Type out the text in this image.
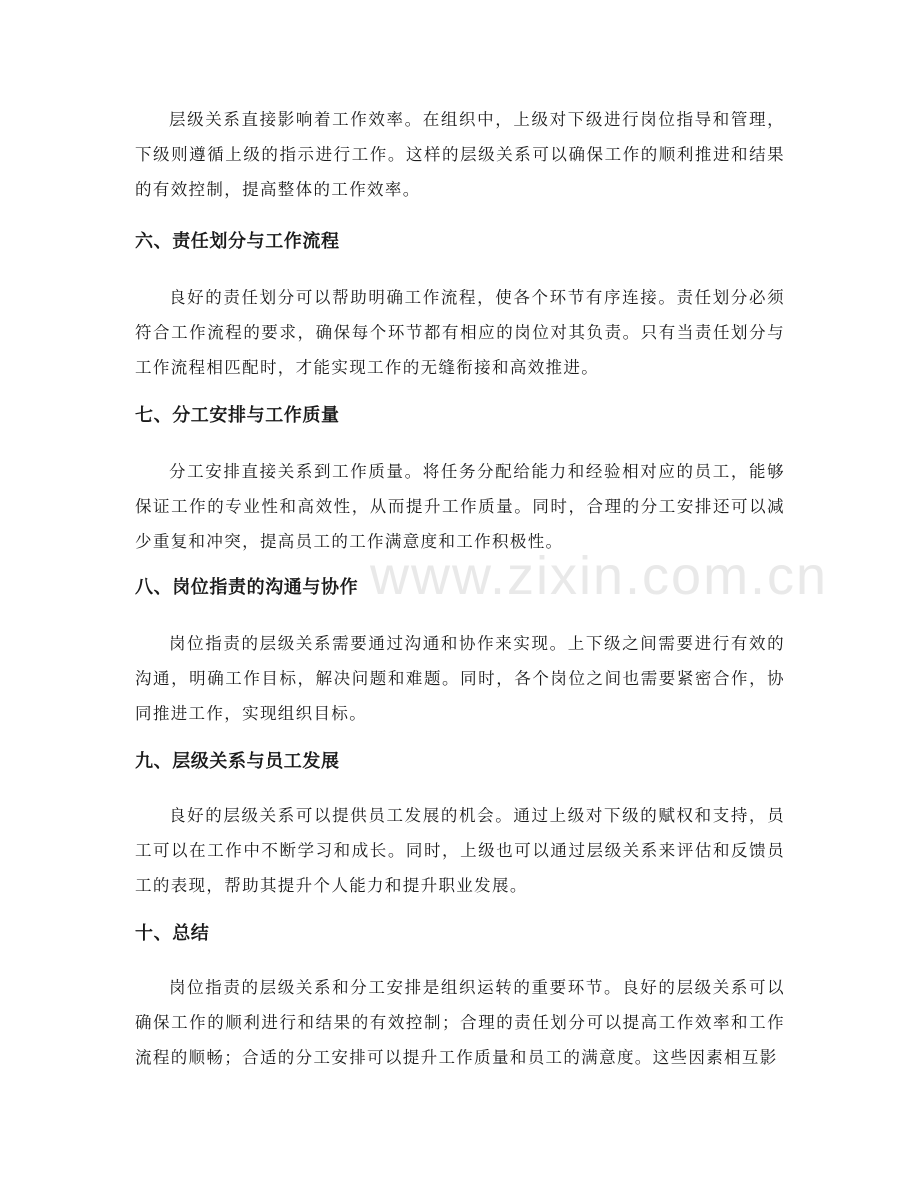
www.zixin.com.cn

层级关系直接影响着工作效率。在组织中，上级对下级进行岗位指导和管理，下级则遵循上级的指示进行工作。这样的层级关系可以确保工作的顺利推进和结果的有效控制，提高整体的工作效率。

六、责任划分与工作流程

良好的责任划分可以帮助明确工作流程，使各个环节有序连接。责任划分必须符合工作流程的要求，确保每个环节都有相应的岗位对其负责。只有当责任划分与工作流程相匹配时，才能实现工作的无缝衔接和高效推进。

七、分工安排与工作质量

分工安排直接关系到工作质量。将任务分配给能力和经验相对应的员工，能够保证工作的专业性和高效性，从而提升工作质量。同时，合理的分工安排还可以减少重复和冲突，提高员工的工作满意度和工作积极性。

八、岗位指责的沟通与协作

岗位指责的层级关系需要通过沟通和协作来实现。上下级之间需要进行有效的沟通，明确工作目标，解决问题和难题。同时，各个岗位之间也需要紧密合作，协同推进工作，实现组织目标。

九、层级关系与员工发展

良好的层级关系可以提供员工发展的机会。通过上级对下级的赋权和支持，员工可以在工作中不断学习和成长。同时，上级也可以通过层级关系来评估和反馈员工的表现，帮助其提升个人能力和提升职业发展。

十、总结

岗位指责的层级关系和分工安排是组织运转的重要环节。良好的层级关系可以确保工作的顺利进行和结果的有效控制；合理的责任划分可以提高工作效率和工作流程的顺畅；合适的分工安排可以提升工作质量和员工的满意度。这些因素相互影
